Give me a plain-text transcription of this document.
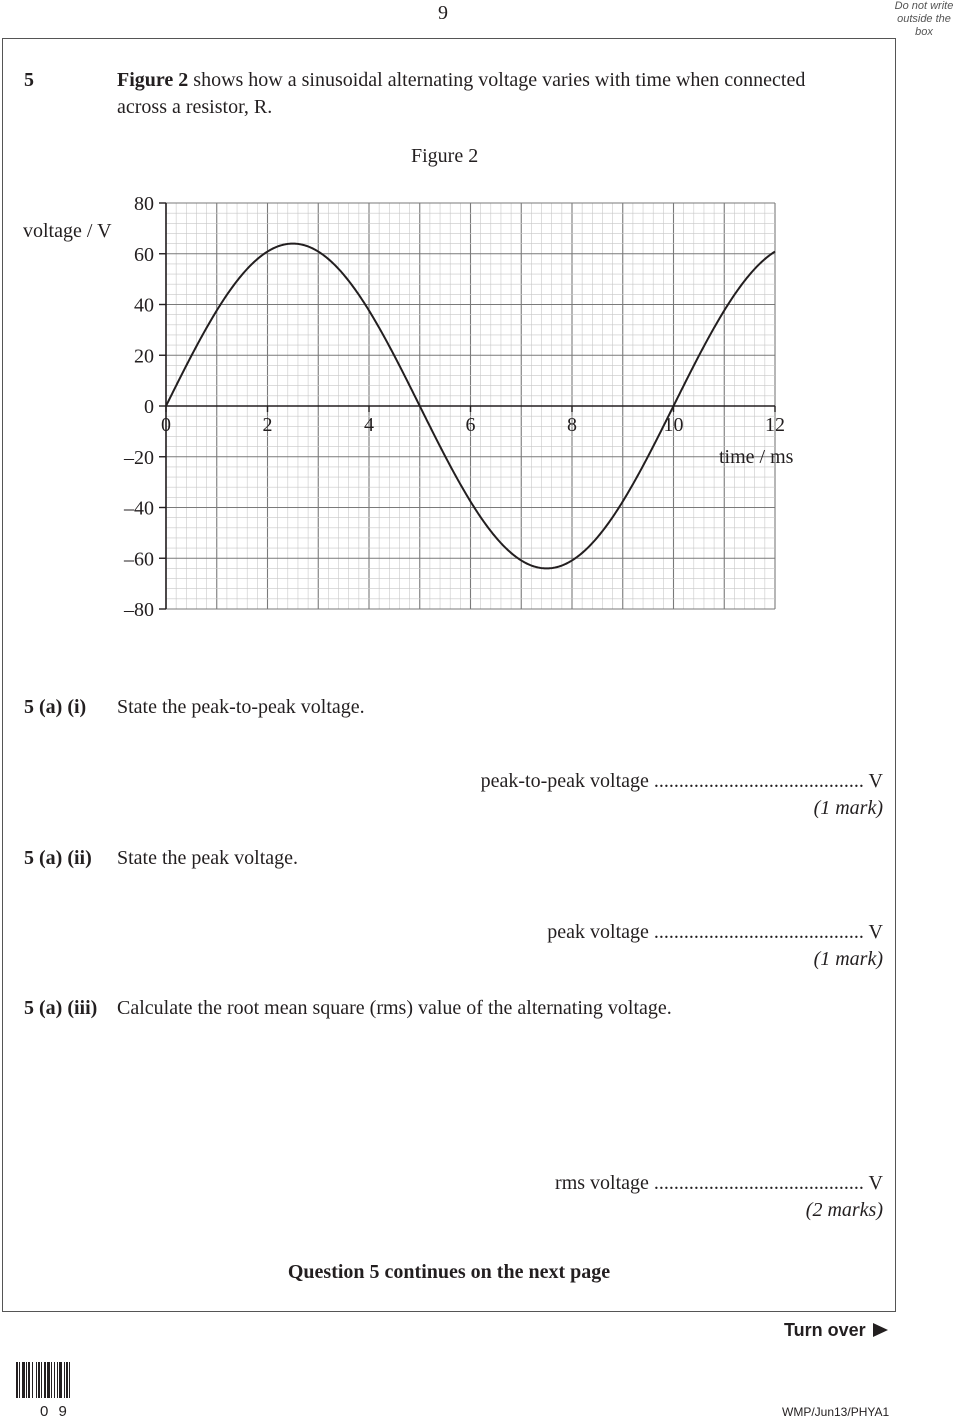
9	Do not write
outside the
box
5	Figure 2 shows how a sinusoidal alternating voltage varies with time when connected
across a resistor, R.
Figure 2
80
60
40
20
0
–20
–40
–60
–80
0	2	4	6	8	10	12
voltage / V
time / ms
5 (a) (i) State the peak-to-peak voltage.
peak-to-peak voltage .......................................... V
(1 mark)
5 (a) (ii) State the peak voltage.
peak voltage .......................................... V
(1 mark)
5 (a) (iii) Calculate the root mean square (rms) value of the alternating voltage.
rms voltage .......................................... V
(2 marks)
Question 5 continues on the next page
Turn over
0 9	WMP/Jun13/PHYA1
